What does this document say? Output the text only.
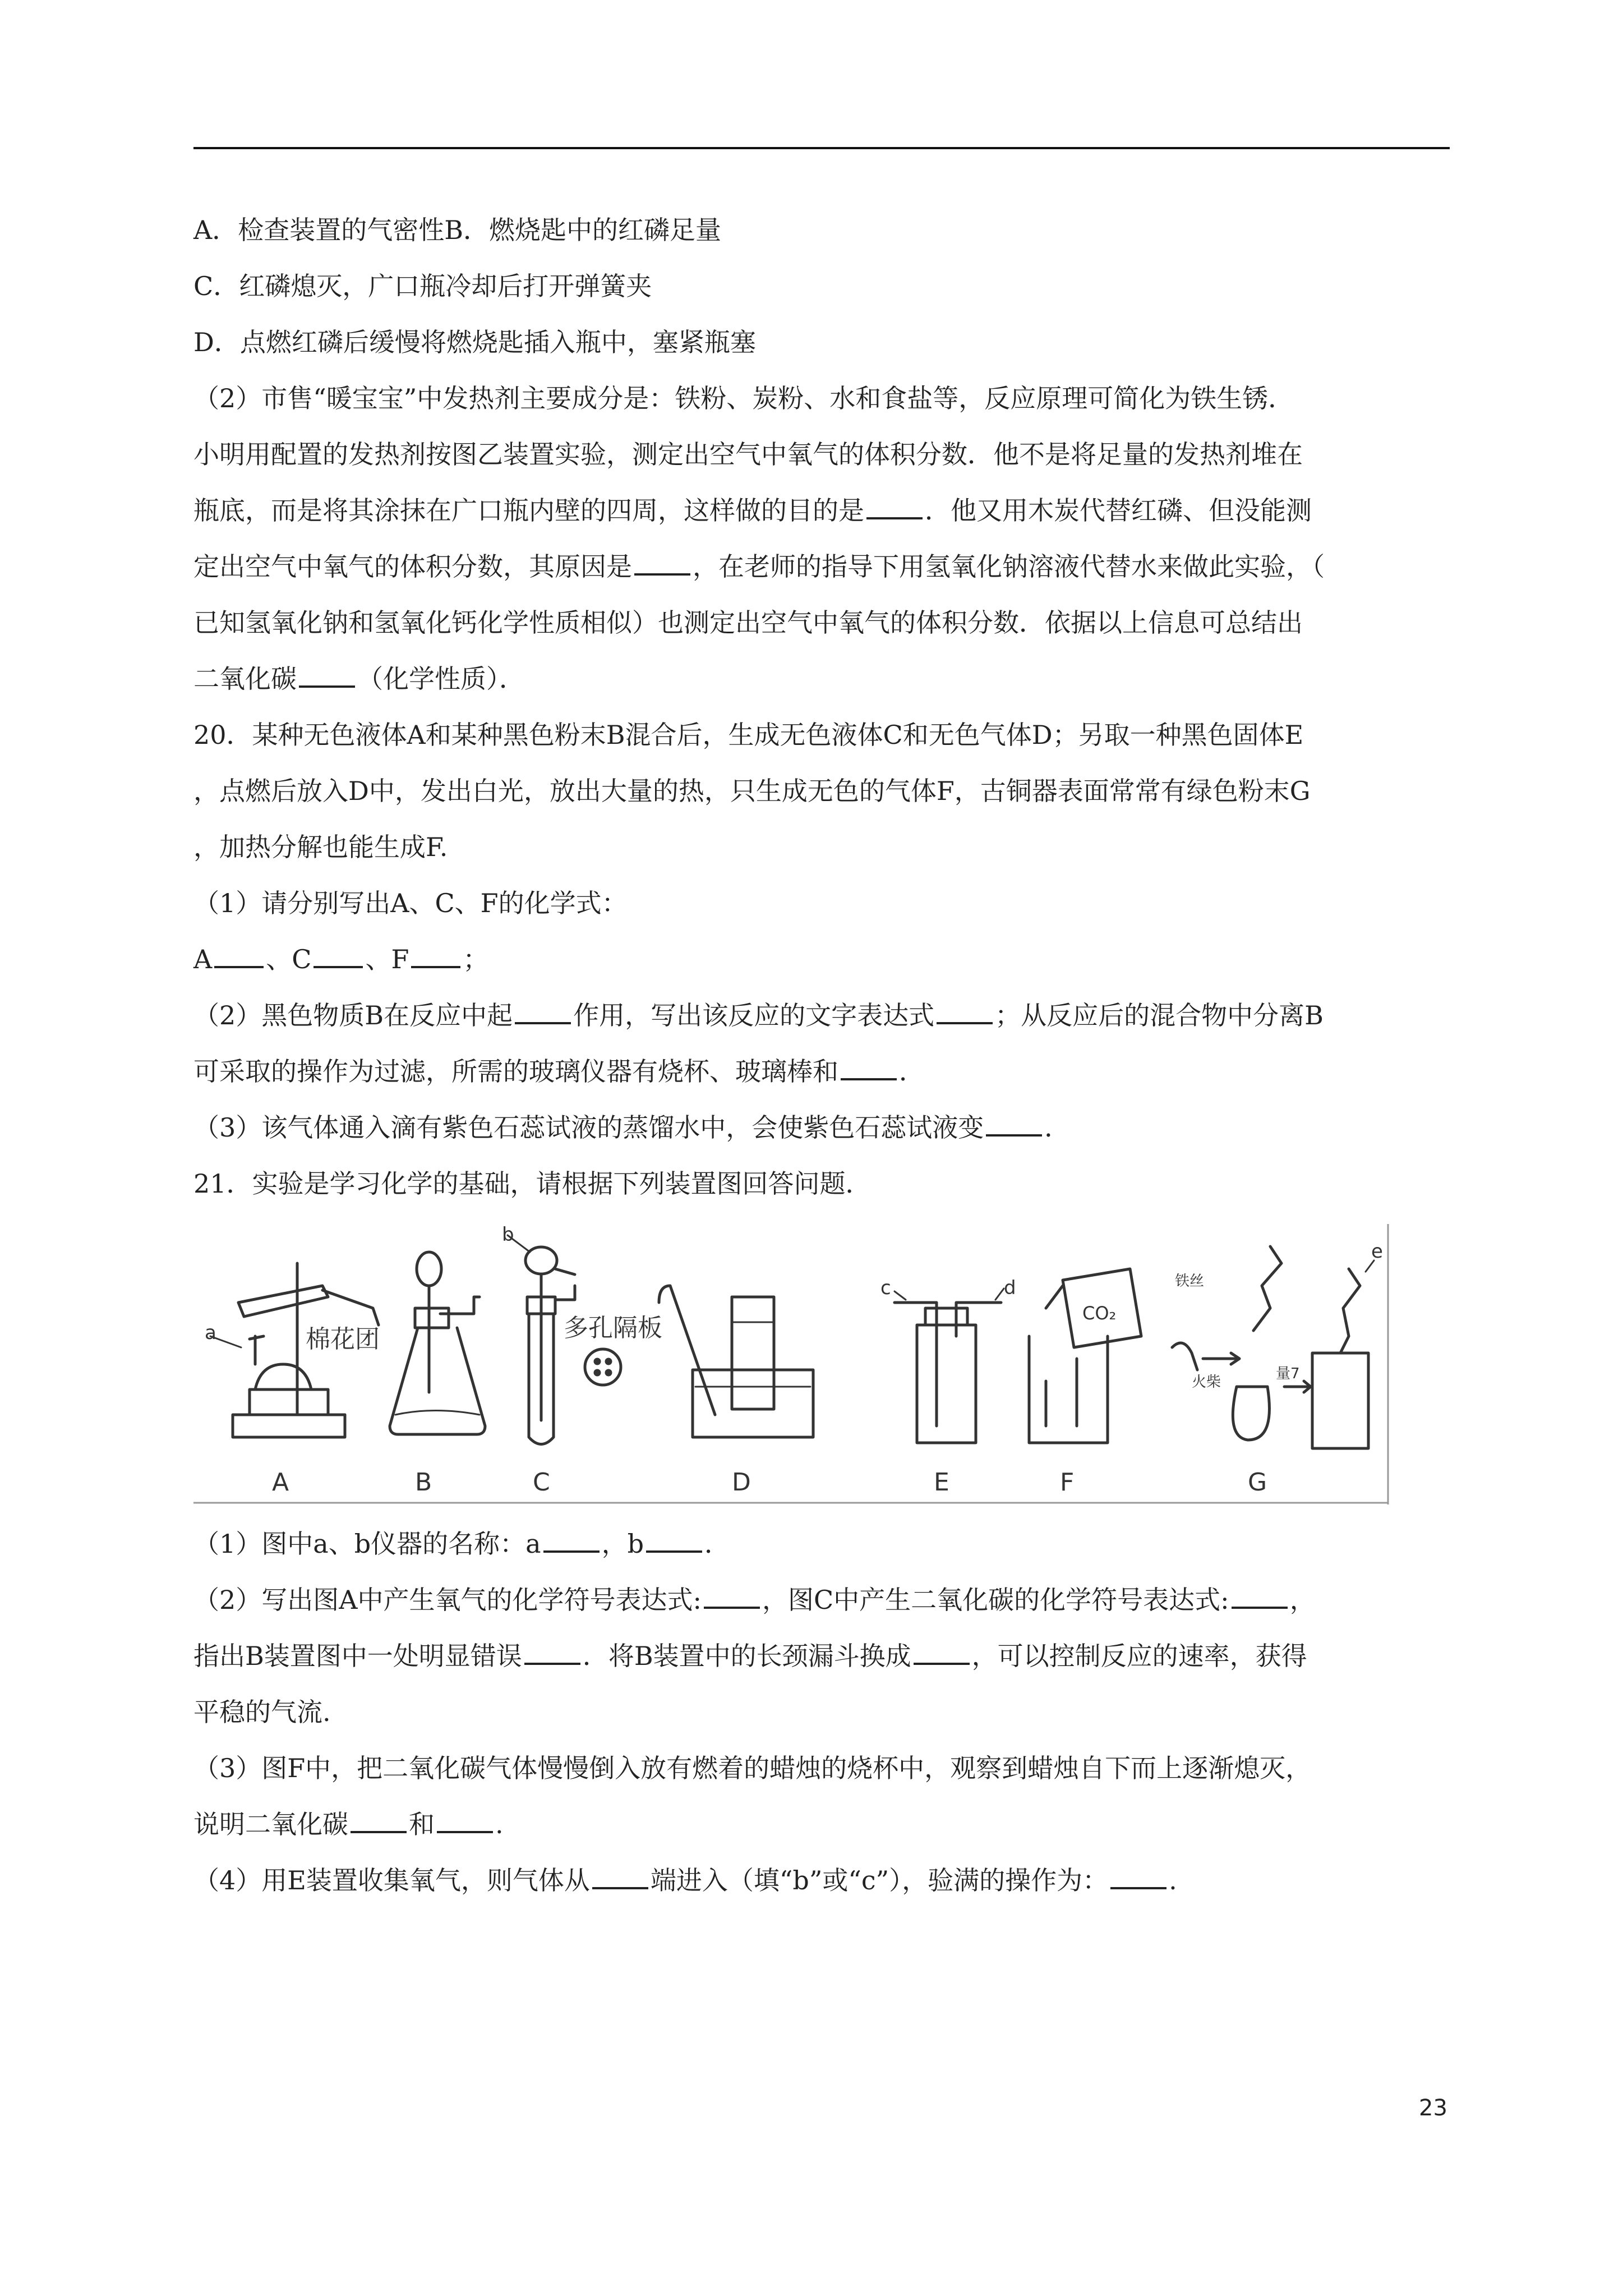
A．检查装置的气密性B．燃烧匙中的红磷足量
C．红磷熄灭，广口瓶冷却后打开弹簧夹
D．点燃红磷后缓慢将燃烧匙插入瓶中，塞紧瓶塞
（2）市售“暖宝宝”中发热剂主要成分是：铁粉、炭粉、水和食盐等，反应原理可简化为铁生锈．
小明用配置的发热剂按图乙装置实验，测定出空气中氧气的体积分数．他不是将足量的发热剂堆在
瓶底，而是将其涂抹在广口瓶内壁的四周，这样做的目的是 ．他又用木炭代替红磷、但没能测
定出空气中氧气的体积分数，其原因是 ，在老师的指导下用氢氧化钠溶液代替水来做此实验，（
已知氢氧化钠和氢氧化钙化学性质相似）也测定出空气中氧气的体积分数．依据以上信息可总结出
二氧化碳 （化学性质）．
20．某种无色液体A和某种黑色粉末B混合后，生成无色液体C和无色气体D；另取一种黑色固体E
，点燃后放入D中，发出白光，放出大量的热，只生成无色的气体F，古铜器表面常常有绿色粉末G
，加热分解也能生成F.
（1）请分别写出A、C、F的化学式：
A 、C 、F ；
（2）黑色物质B在反应中起 作用，写出该反应的文字表达式 ；从反应后的混合物中分离B
可采取的操作为过滤，所需的玻璃仪器有烧杯、玻璃棒和 ．
（3）该气体通入滴有紫色石蕊试液的蒸馏水中，会使紫色石蕊试液变 ．
21．实验是学习化学的基础，请根据下列装置图回答问题．
a	棉花团
b
多孔隔板
c	d
CO₂
铁丝
火柴	量7
e
A	B	C	D	E	F	G
（1）图中a、b仪器的名称：a ，b ．
（2）写出图A中产生氧气的化学符号表达式: ，图C中产生二氧化碳的化学符号表达式: ，
指出B装置图中一处明显错误 ．将B装置中的长颈漏斗换成 ，可以控制反应的速率，获得
平稳的气流.
（3）图F中，把二氧化碳气体慢慢倒入放有燃着的蜡烛的烧杯中，观察到蜡烛自下而上逐渐熄灭，
说明二氧化碳 和 .
（4）用E装置收集氧气，则气体从 端进入（填“b”或“c”），验满的操作为： .
23
